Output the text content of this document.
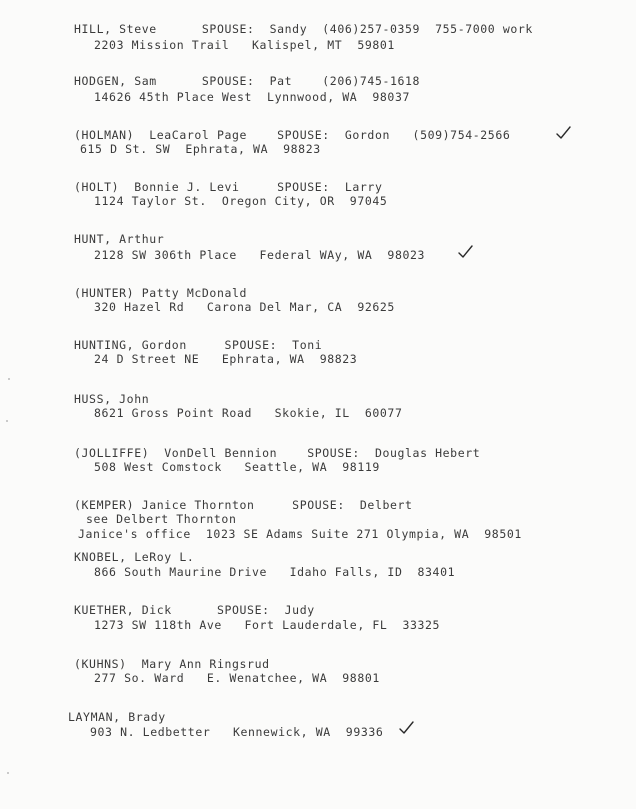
HILL, Steve      SPOUSE:  Sandy  (406)257-0359  755-7000 work
2203 Mission Trail   Kalispel, MT  59801
HODGEN, Sam      SPOUSE:  Pat    (206)745-1618
14626 45th Place West  Lynnwood, WA  98037
(HOLMAN)  LeaCarol Page    SPOUSE:  Gordon   (509)754-2566
615 D St. SW  Ephrata, WA  98823
(HOLT)  Bonnie J. Levi     SPOUSE:  Larry
1124 Taylor St.  Oregon City, OR  97045
HUNT, Arthur
2128 SW 306th Place   Federal WAy, WA  98023
(HUNTER) Patty McDonald
320 Hazel Rd   Carona Del Mar, CA  92625
HUNTING, Gordon     SPOUSE:  Toni
24 D Street NE   Ephrata, WA  98823
HUSS, John
8621 Gross Point Road   Skokie, IL  60077
(JOLLIFFE)  VonDell Bennion    SPOUSE:  Douglas Hebert
508 West Comstock   Seattle, WA  98119
(KEMPER) Janice Thornton     SPOUSE:  Delbert
see Delbert Thornton
Janice's office  1023 SE Adams Suite 271 Olympia, WA  98501
KNOBEL, LeRoy L.
866 South Maurine Drive   Idaho Falls, ID  83401
KUETHER, Dick      SPOUSE:  Judy
1273 SW 118th Ave   Fort Lauderdale, FL  33325
(KUHNS)  Mary Ann Ringsrud
277 So. Ward   E. Wenatchee, WA  98801
LAYMAN, Brady
903 N. Ledbetter   Kennewick, WA  99336
